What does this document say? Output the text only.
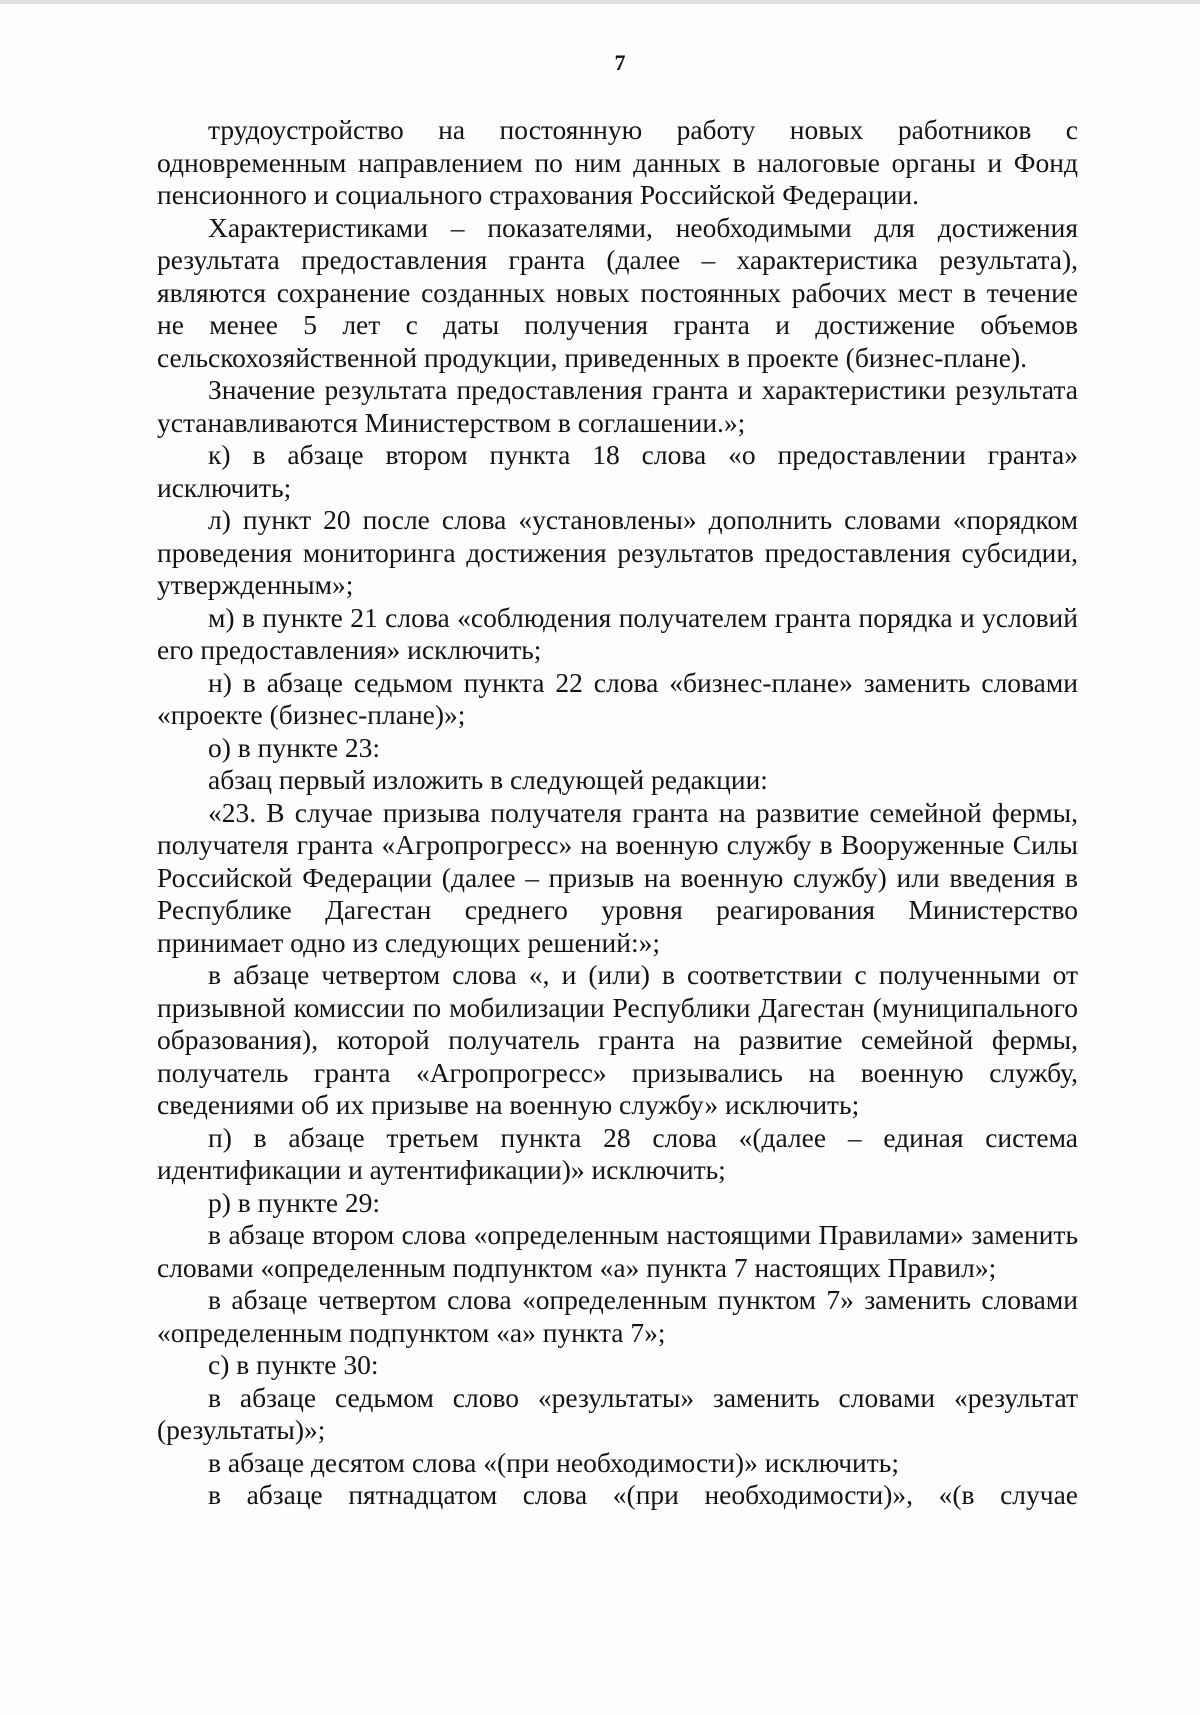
7

трудоустройство на постоянную работу новых работников с одновременным направлением по ним данных в налоговые органы и Фонд пенсионного и социального страхования Российской Федерации.

Характеристиками – показателями, необходимыми для достижения результата предоставления гранта (далее – характеристика результата), являются сохранение созданных новых постоянных рабочих мест в течение не менее 5 лет с даты получения гранта и достижение объемов сельскохозяйственной продукции, приведенных в проекте (бизнес-плане).

Значение результата предоставления гранта и характеристики результата устанавливаются Министерством в соглашении.»;

к) в абзаце втором пункта 18 слова «о предоставлении гранта» исключить;

л) пункт 20 после слова «установлены» дополнить словами «порядком проведения мониторинга достижения результатов предоставления субсидии, утвержденным»;

м) в пункте 21 слова «соблюдения получателем гранта порядка и условий его предоставления» исключить;

н) в абзаце седьмом пункта 22 слова «бизнес-плане» заменить словами «проекте (бизнес-плане)»;

о) в пункте 23:

абзац первый изложить в следующей редакции:

«23. В случае призыва получателя гранта на развитие семейной фермы, получателя гранта «Агропрогресс» на военную службу в Вооруженные Силы Российской Федерации (далее – призыв на военную службу) или введения в Республике Дагестан среднего уровня реагирования Министерство принимает одно из следующих решений:»;

в абзаце четвертом слова «, и (или) в соответствии с полученными от призывной комиссии по мобилизации Республики Дагестан (муниципального образования), которой получатель гранта на развитие семейной фермы, получатель гранта «Агропрогресс» призывались на военную службу, сведениями об их призыве на военную службу» исключить;

п) в абзаце третьем пункта 28 слова «(далее – единая система идентификации и аутентификации)» исключить;

р) в пункте 29:

в абзаце втором слова «определенным настоящими Правилами» заменить словами «определенным подпунктом «а» пункта 7 настоящих Правил»;

в абзаце четвертом слова «определенным пунктом 7» заменить словами «определенным подпунктом «а» пункта 7»;

с) в пункте 30:

в абзаце седьмом слово «результаты» заменить словами «результат (результаты)»;

в абзаце десятом слова «(при необходимости)» исключить;

в абзаце пятнадцатом слова «(при необходимости)», «(в случае
